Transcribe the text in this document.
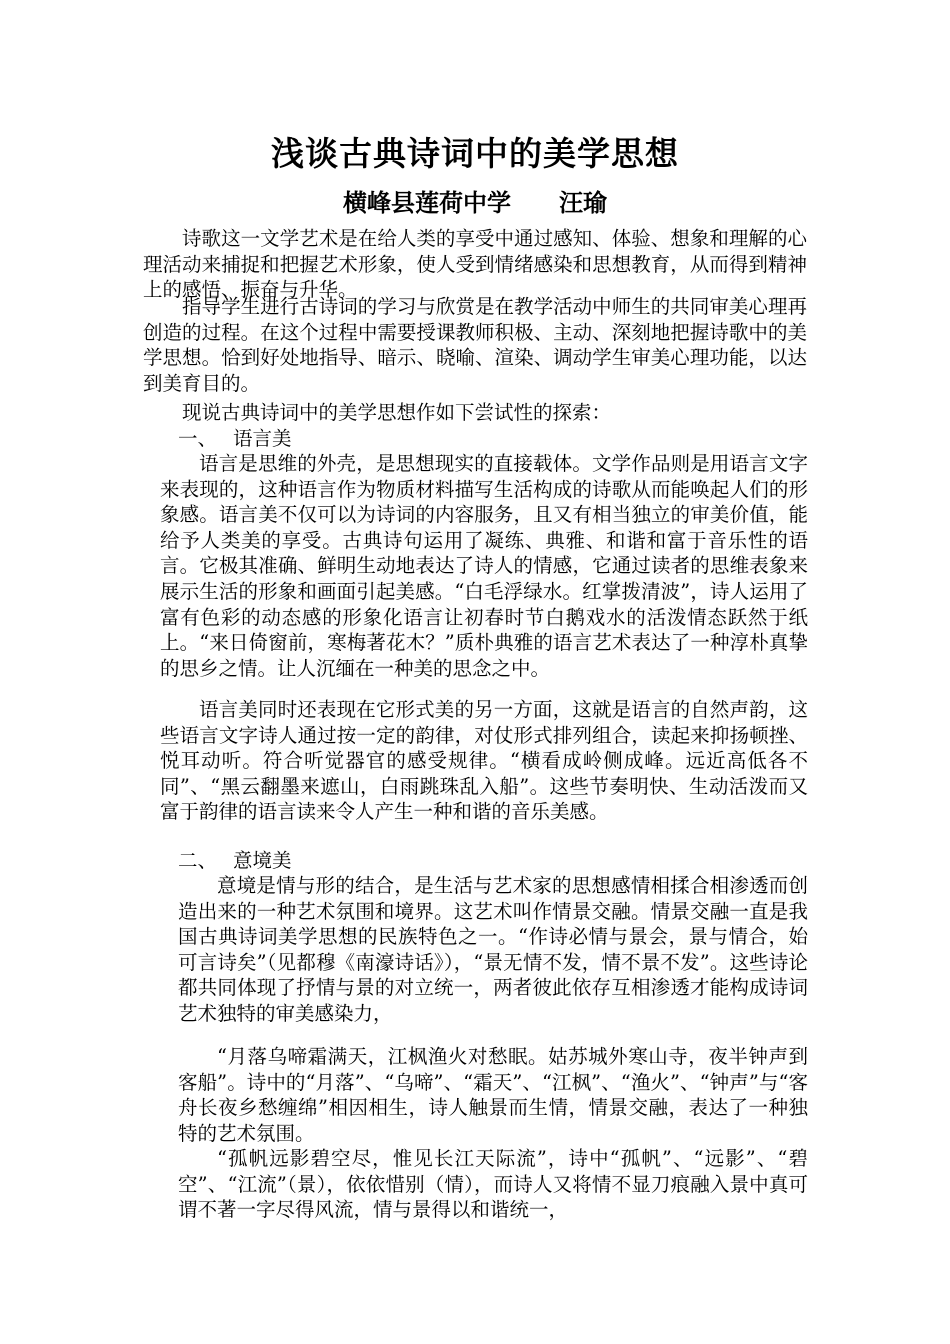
浅谈古典诗词中的美学思想
横峰县莲荷中学　　汪瑜

诗歌这一文学艺术是在给人类的享受中通过感知、体验、想象和理解的心理活动来捕捉和把握艺术形象，使人受到情绪感染和思想教育，从而得到精神上的感悟、振奋与升华。

指导学生进行古诗词的学习与欣赏是在教学活动中师生的共同审美心理再创造的过程。在这个过程中需要授课教师积极、主动、深刻地把握诗歌中的美学思想。恰到好处地指导、暗示、晓喻、渲染、调动学生审美心理功能，以达到美育目的。

现说古典诗词中的美学思想作如下尝试性的探索：

一、　 语言美

语言是思维的外壳，是思想现实的直接载体。文学作品则是用语言文字来表现的，这种语言作为物质材料描写生活构成的诗歌从而能唤起人们的形象感。语言美不仅可以为诗词的内容服务，且又有相当独立的审美价值，能给予人类美的享受。古典诗句运用了凝练、典雅、和谐和富于音乐性的语言。它极其准确、鲜明生动地表达了诗人的情感，它通过读者的思维表象来展示生活的形象和画面引起美感。“白毛浮绿水。红掌拨清波”，诗人运用了富有色彩的动态感的形象化语言让初春时节白鹅戏水的活泼情态跃然于纸上。“来日倚窗前，寒梅著花木？”质朴典雅的语言艺术表达了一种淳朴真挚的思乡之情。让人沉缅在一种美的思念之中。

语言美同时还表现在它形式美的另一方面，这就是语言的自然声韵，这些语言文字诗人通过按一定的韵律，对仗形式排列组合，读起来抑扬顿挫、悦耳动听。符合听觉器官的感受规律。“横看成岭侧成峰。远近高低各不同”、“黑云翻墨来遮山，白雨跳珠乱入船”。这些节奏明快、生动活泼而又富于韵律的语言读来令人产生一种和谐的音乐美感。

二、　 意境美

意境是情与形的结合，是生活与艺术家的思想感情相揉合相渗透而创造出来的一种艺术氛围和境界。这艺术叫作情景交融。情景交融一直是我国古典诗词美学思想的民族特色之一。“作诗必情与景会，景与情合，始可言诗矣”（见都穆《南濠诗话》），“景无情不发，情不景不发”。这些诗论都共同体现了抒情与景的对立统一，两者彼此依存互相渗透才能构成诗词艺术独特的审美感染力，

“月落乌啼霜满天，江枫渔火对愁眠。姑苏城外寒山寺，夜半钟声到客船”。诗中的“月落”、“乌啼”、“霜天”、“江枫”、“渔火”、“钟声”与“客舟长夜乡愁缠绵”相因相生，诗人触景而生情，情景交融，表达了一种独特的艺术氛围。

“孤帆远影碧空尽，惟见长江天际流”，诗中“孤帆”、“远影”、“碧空”、“江流”（景），依依惜别（情），而诗人又将情不显刀痕融入景中真可谓不著一字尽得风流，情与景得以和谐统一，
